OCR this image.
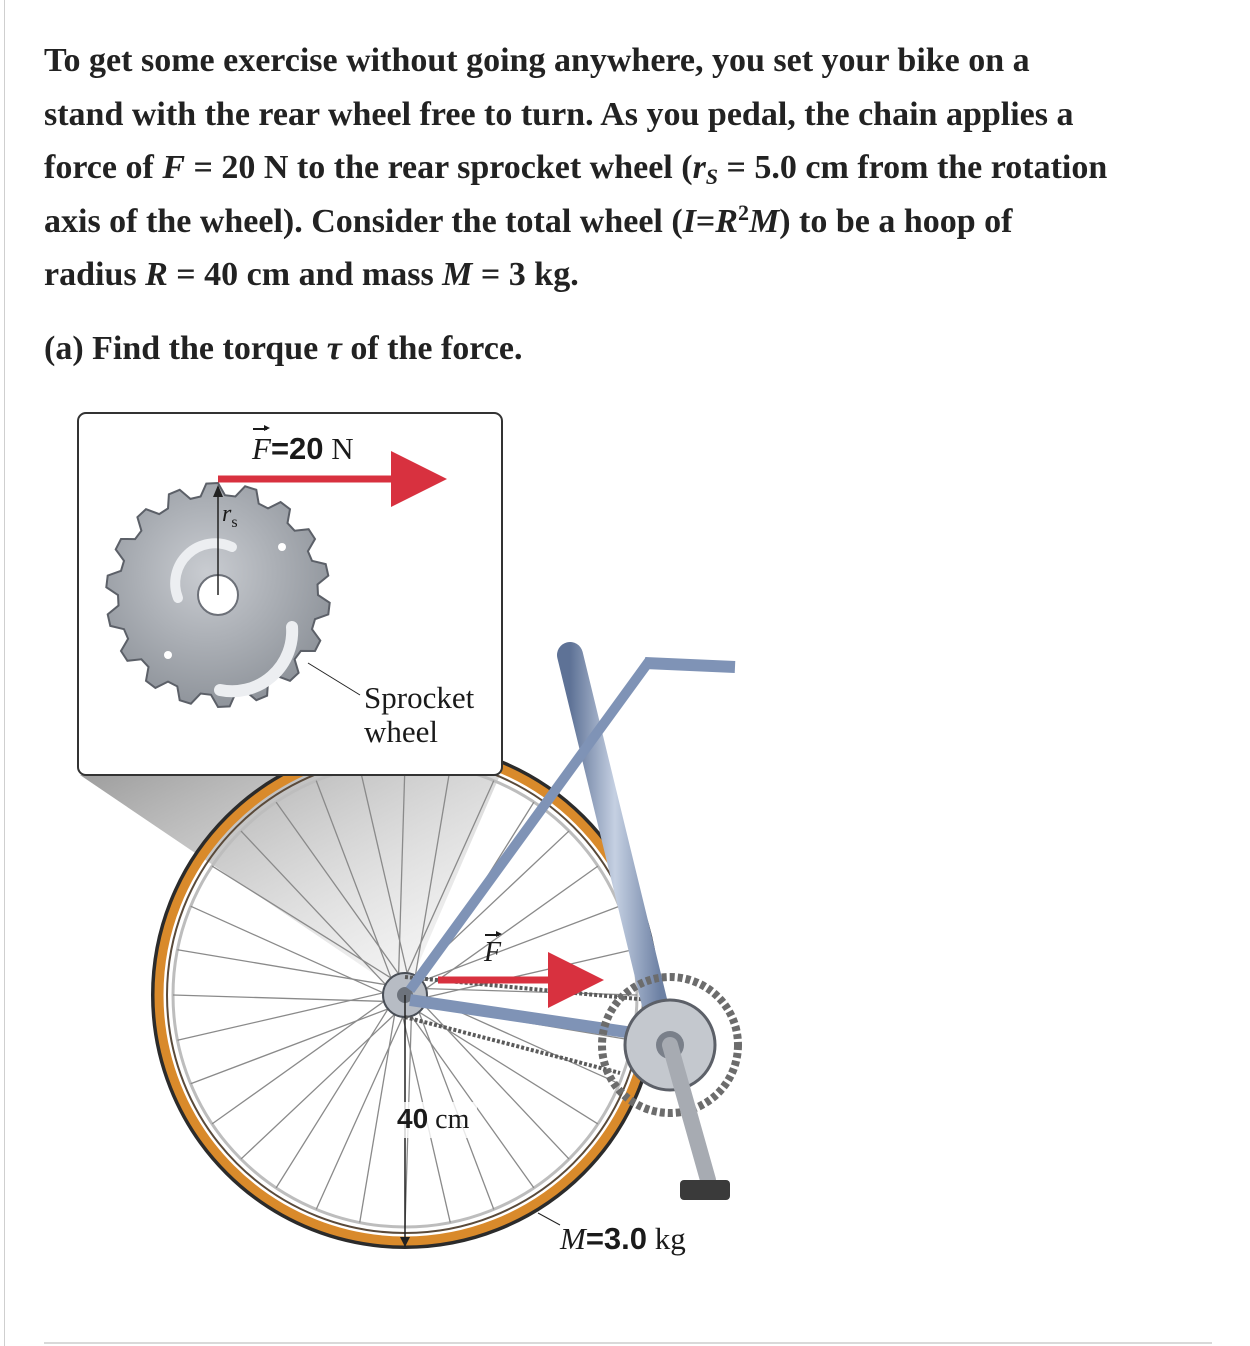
To get some exercise without going anywhere, you set your bike on a
stand with the rear wheel free to turn. As you pedal, the chain applies a
force of F = 20 N to the rear sprocket wheel ($r_S = 5.0$ cm from the rotation
axis of the wheel). Consider the total wheel $(I=R^2M)$ to be a hoop of
radius R = 40 cm and mass M = 3 kg.
(a) Find the torque τ of the force.
F=20 N
$r_s$
Sprocket
wheel
F
40 cm
M=3.0 kg
